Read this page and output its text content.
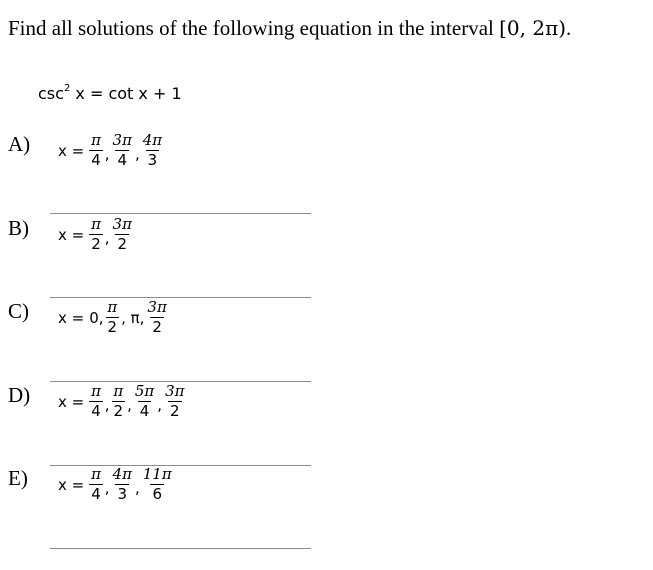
Find all solutions of the following equation in the interval [0, 2π).
$\csc^2 x = \cot x + 1$
A) $x = \frac{\pi}{4}$ , $\frac{3\pi}{4}$ , $\frac{4\pi}{3}$
B) $x = \frac{\pi}{2}$ , $\frac{3\pi}{2}$
C) x = 0, $\frac{\pi}{2}$ , π, $\frac{3\pi}{2}$
D) $x = \frac{\pi}{4}$ , $\frac{\pi}{2}$ , $\frac{5\pi}{4}$ , $\frac{3\pi}{2}$
E) $x = \frac{\pi}{4}$ , $\frac{4\pi}{3}$ , $\frac{11\pi}{6}$
